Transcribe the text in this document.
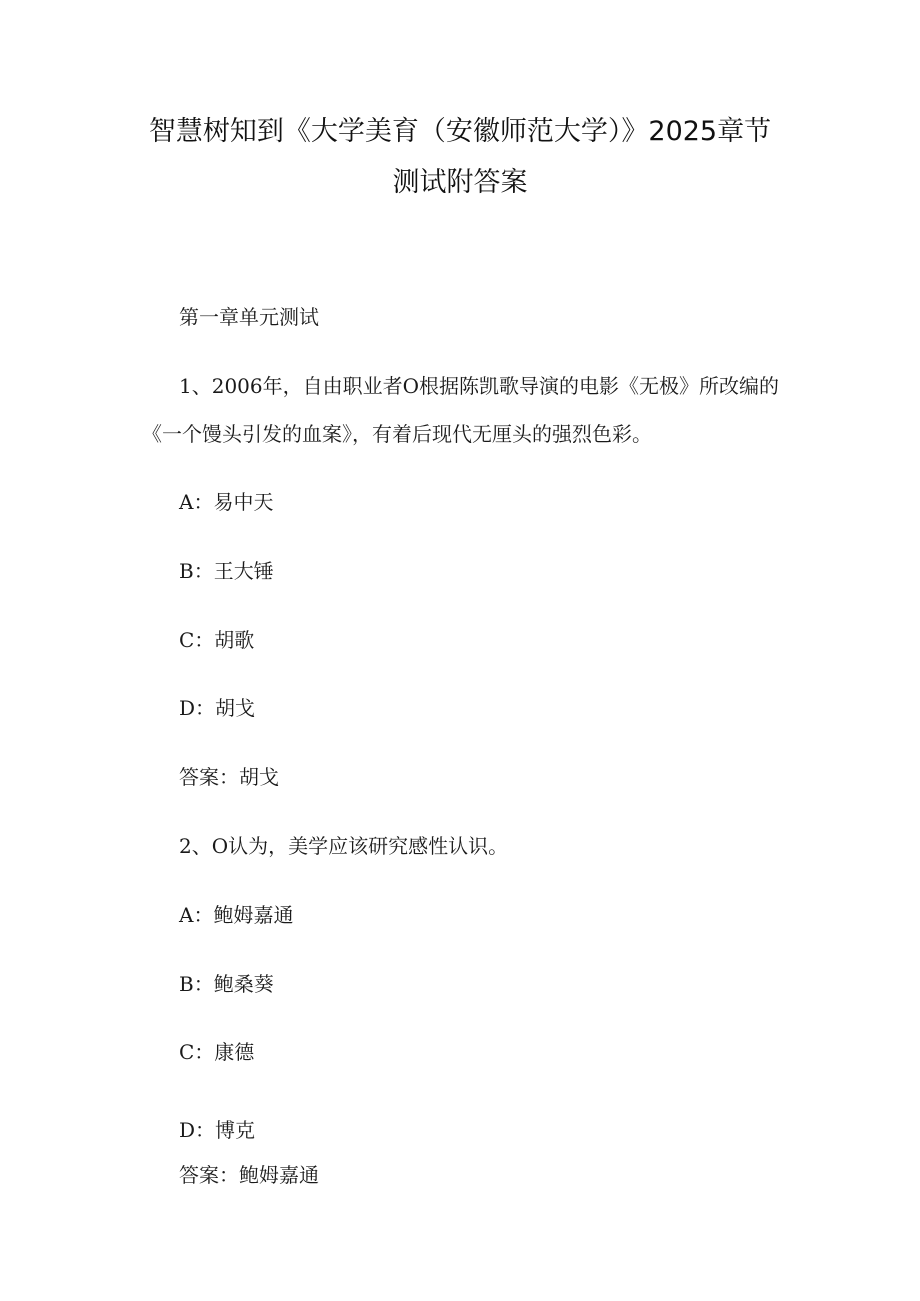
智慧树知到《大学美育（安徽师范大学）》2025章节
测试附答案
第一章单元测试
1、2006年，自由职业者O根据陈凯歌导演的电影《无极》所改编的
《一个馒头引发的血案》，有着后现代无厘头的强烈色彩。
A：易中天
B：王大锤
C：胡歌
D：胡戈
答案：胡戈
2、O认为，美学应该研究感性认识。
A：鲍姆嘉通
B：鲍桑葵
C：康德
D：博克
答案：鲍姆嘉通
